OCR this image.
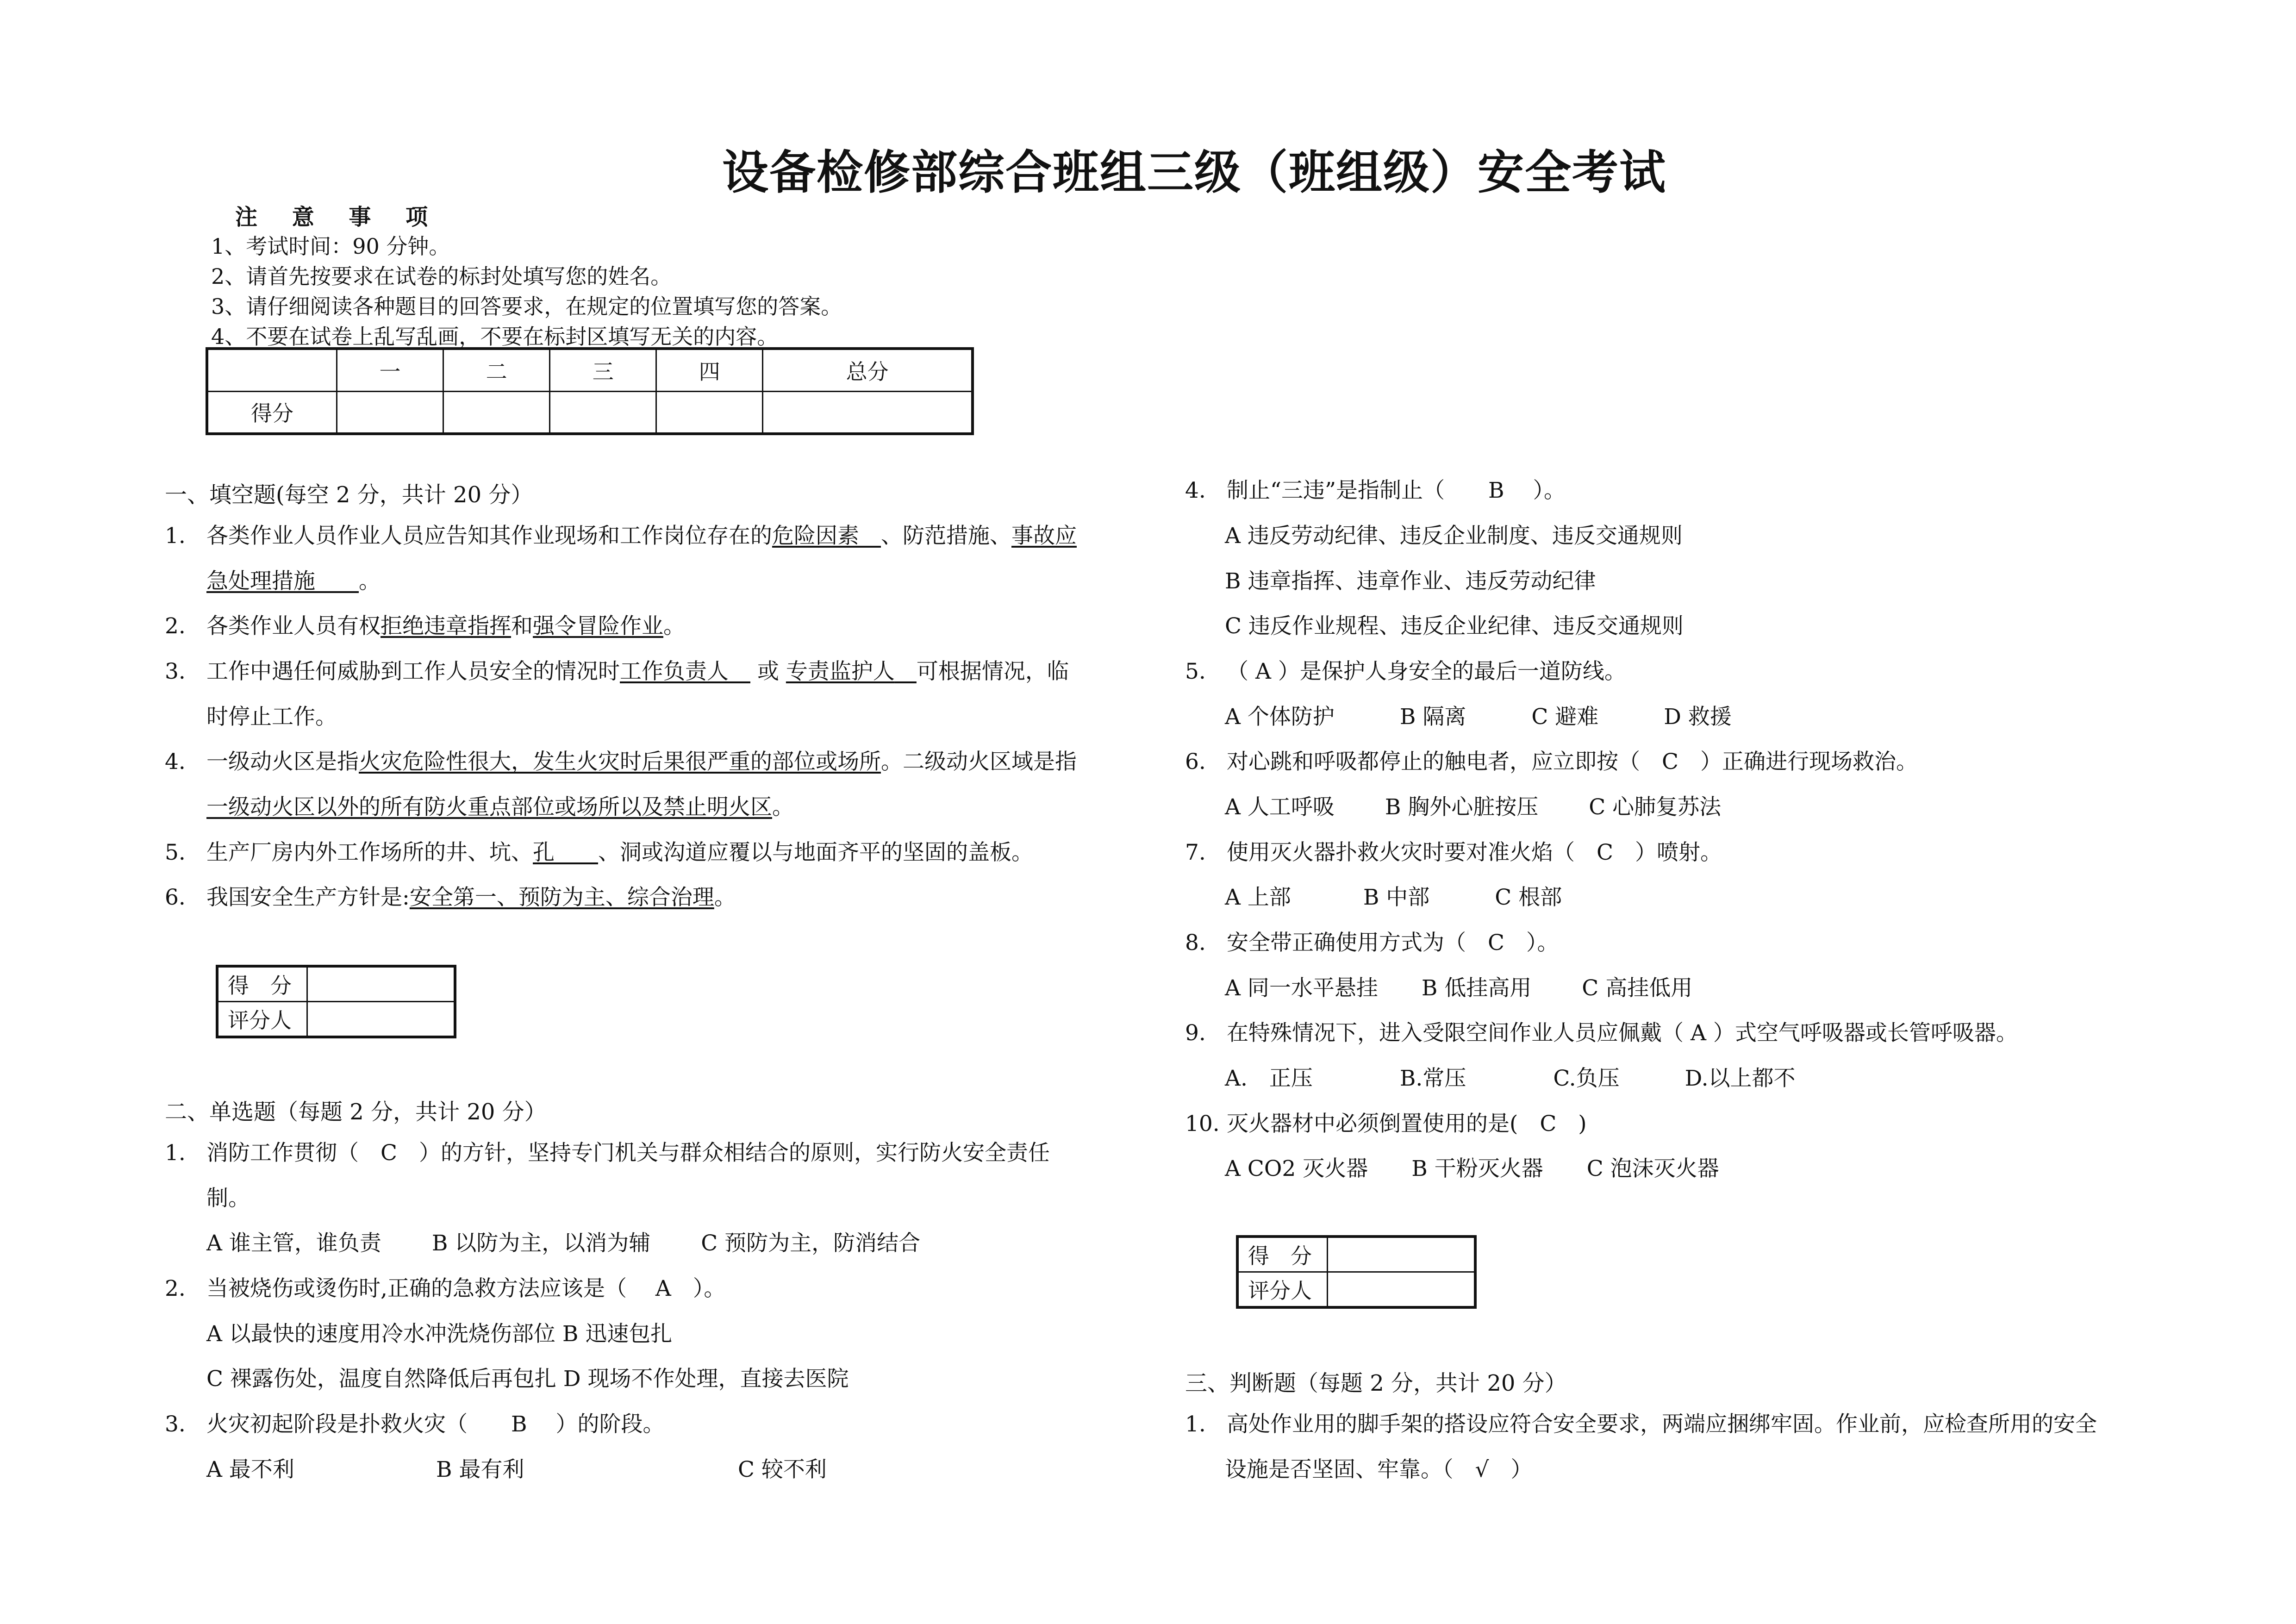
设备检修部综合班组三级（班组级）安全考试
注 意 事 项
1、考试时间：90 分钟。
2、请首先按要求在试卷的标封处填写您的姓名。
3、请仔细阅读各种题目的回答要求，在规定的位置填写您的答案。
4、不要在试卷上乱写乱画，不要在标封区填写无关的内容。
	一	二	三	四	总分
得分					
一、填空题(每空 2 分，共计 20 分）
1. 各类作业人员作业人员应告知其作业现场和工作岗位存在的危险因素　 、防范措施、事故应
急处理措施　　 。
2. 各类作业人员有权拒绝违章指挥和强令冒险作业。
3. 工作中遇任何威胁到工作人员安全的情况时工作负责人　 或 专责监护人　 可根据情况，临
时停止工作。
4. 一级动火区是指火灾危险性很大，发生火灾时后果很严重的部位或场所。二级动火区域是指
一级动火区以外的所有防火重点部位或场所以及禁止明火区。
5. 生产厂房内外工作场所的井、坑、孔　　 、洞或沟道应覆以与地面齐平的坚固的盖板。
6. 我国安全生产方针是:安全第一、预防为主、综合治理。
得　分	
评分人	
二、单选题（每题 2 分，共计 20 分）
1. 消防工作贯彻（　C　）的方针，坚持专门机关与群众相结合的原则，实行防火安全责任
制。
A 谁主管，谁负责　　 B 以防为主，以消为辅　　 C 预防为主，防消结合
2. 当被烧伤或烫伤时,正确的急救方法应该是（　 A　）。
A 以最快的速度用冷水冲洗烧伤部位 B 迅速包扎
C 裸露伤处，温度自然降低后再包扎 D 现场不作处理，直接去医院
3. 火灾初起阶段是扑救火灾（　　B　 ）的阶段。
A 最不利	B 最有利	C 较不利
4. 制止“三违”是指制止（　　B　 ）。
A 违反劳动纪律、违反企业制度、违反交通规则
B 违章指挥、违章作业、违反劳动纪律
C 违反作业规程、违反企业纪律、违反交通规则
5. （ A ）是保护人身安全的最后一道防线。
A 个体防护　　　B 隔离　　　C 避难　　　D 救援
6. 对心跳和呼吸都停止的触电者，应立即按（　C　）正确进行现场救治。
A 人工呼吸　　 B 胸外心脏按压　　 C 心肺复苏法
7. 使用灭火器扑救火灾时要对准火焰（　C　）喷射。
A 上部　　　 B 中部　　　C 根部
8. 安全带正确使用方式为（　C　）。
A 同一水平悬挂　　B 低挂高用　　 C 高挂低用
9. 在特殊情况下，进入受限空间作业人员应佩戴（ A ）式空气呼吸器或长管呼吸器。
A.　正压　　　　B.常压　　　　C.负压　　　D.以上都不
10. 灭火器材中必须倒置使用的是(　C　)
A CO2 灭火器　　B 干粉灭火器　　C 泡沫灭火器
得　分	
评分人	
三、判断题（每题 2 分，共计 20 分）
1. 高处作业用的脚手架的搭设应符合安全要求，两端应捆绑牢固。作业前，应检查所用的安全
设施是否坚固、牢靠。（　√　）
